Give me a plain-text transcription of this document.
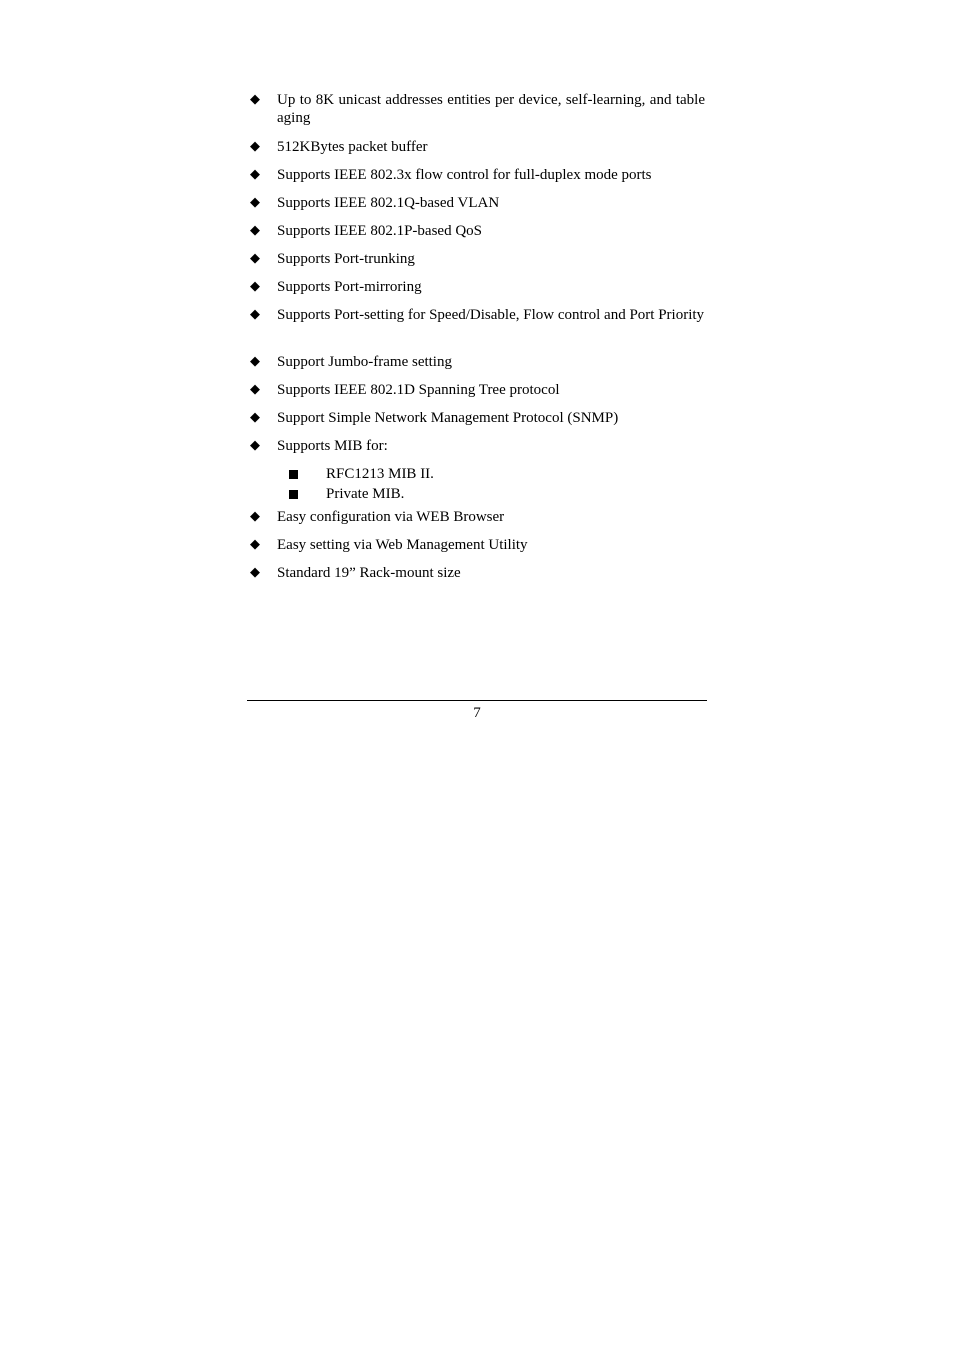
◆ Up to 8K unicast addresses entities per device, self-learning, and table aging
◆ 512KBytes packet buffer
◆ Supports IEEE 802.3x flow control for full-duplex mode ports
◆ Supports IEEE 802.1Q-based VLAN
◆ Supports IEEE 802.1P-based QoS
◆ Supports Port-trunking
◆ Supports Port-mirroring
◆ Supports Port-setting for Speed/Disable, Flow control and Port Priority
◆ Support Jumbo-frame setting
◆ Supports IEEE 802.1D Spanning Tree protocol
◆ Support Simple Network Management Protocol (SNMP)
◆ Supports MIB for:
RFC1213 MIB II.
Private MIB.
◆ Easy configuration via WEB Browser
◆ Easy setting via Web Management Utility
◆ Standard 19” Rack-mount size
7
